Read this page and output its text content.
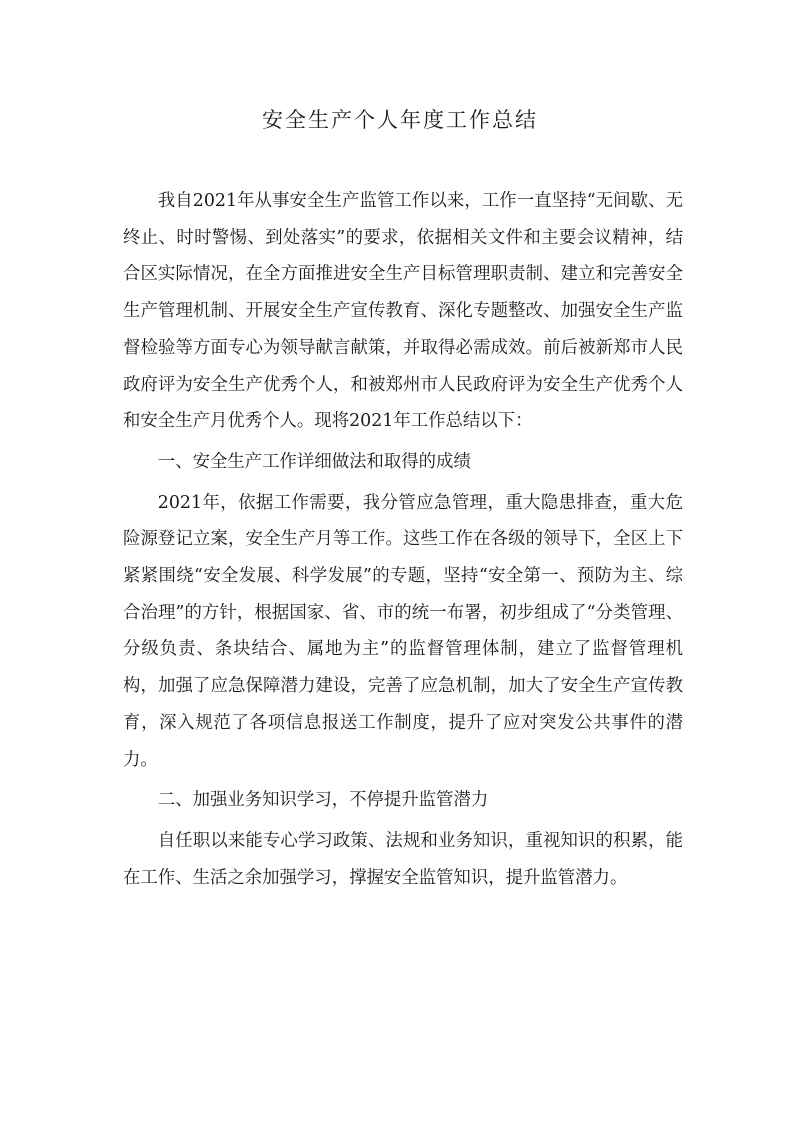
安全生产个人年度工作总结

我自2021年从事安全生产监管工作以来，工作一直坚持“无间歇、无终止、时时警惕、到处落实”的要求，依据相关文件和主要会议精神，结合区实际情况，在全方面推进安全生产目标管理职责制、建立和完善安全生产管理机制、开展安全生产宣传教育、深化专题整改、加强安全生产监督检验等方面专心为领导献言献策，并取得必需成效。前后被新郑市人民政府评为安全生产优秀个人，和被郑州市人民政府评为安全生产优秀个人和安全生产月优秀个人。现将2021年工作总结以下：

一、安全生产工作详细做法和取得的成绩

2021年，依据工作需要，我分管应急管理，重大隐患排查，重大危险源登记立案，安全生产月等工作。这些工作在各级的领导下，全区上下紧紧围绕“安全发展、科学发展”的专题，坚持“安全第一、预防为主、综合治理”的方针，根据国家、省、市的统一布署，初步组成了“分类管理、分级负责、条块结合、属地为主”的监督管理体制，建立了监督管理机构，加强了应急保障潜力建设，完善了应急机制，加大了安全生产宣传教育，深入规范了各项信息报送工作制度，提升了应对突发公共事件的潜力。

二、加强业务知识学习，不停提升监管潜力

自任职以来能专心学习政策、法规和业务知识，重视知识的积累，能在工作、生活之余加强学习，撑握安全监管知识，提升监管潜力。
